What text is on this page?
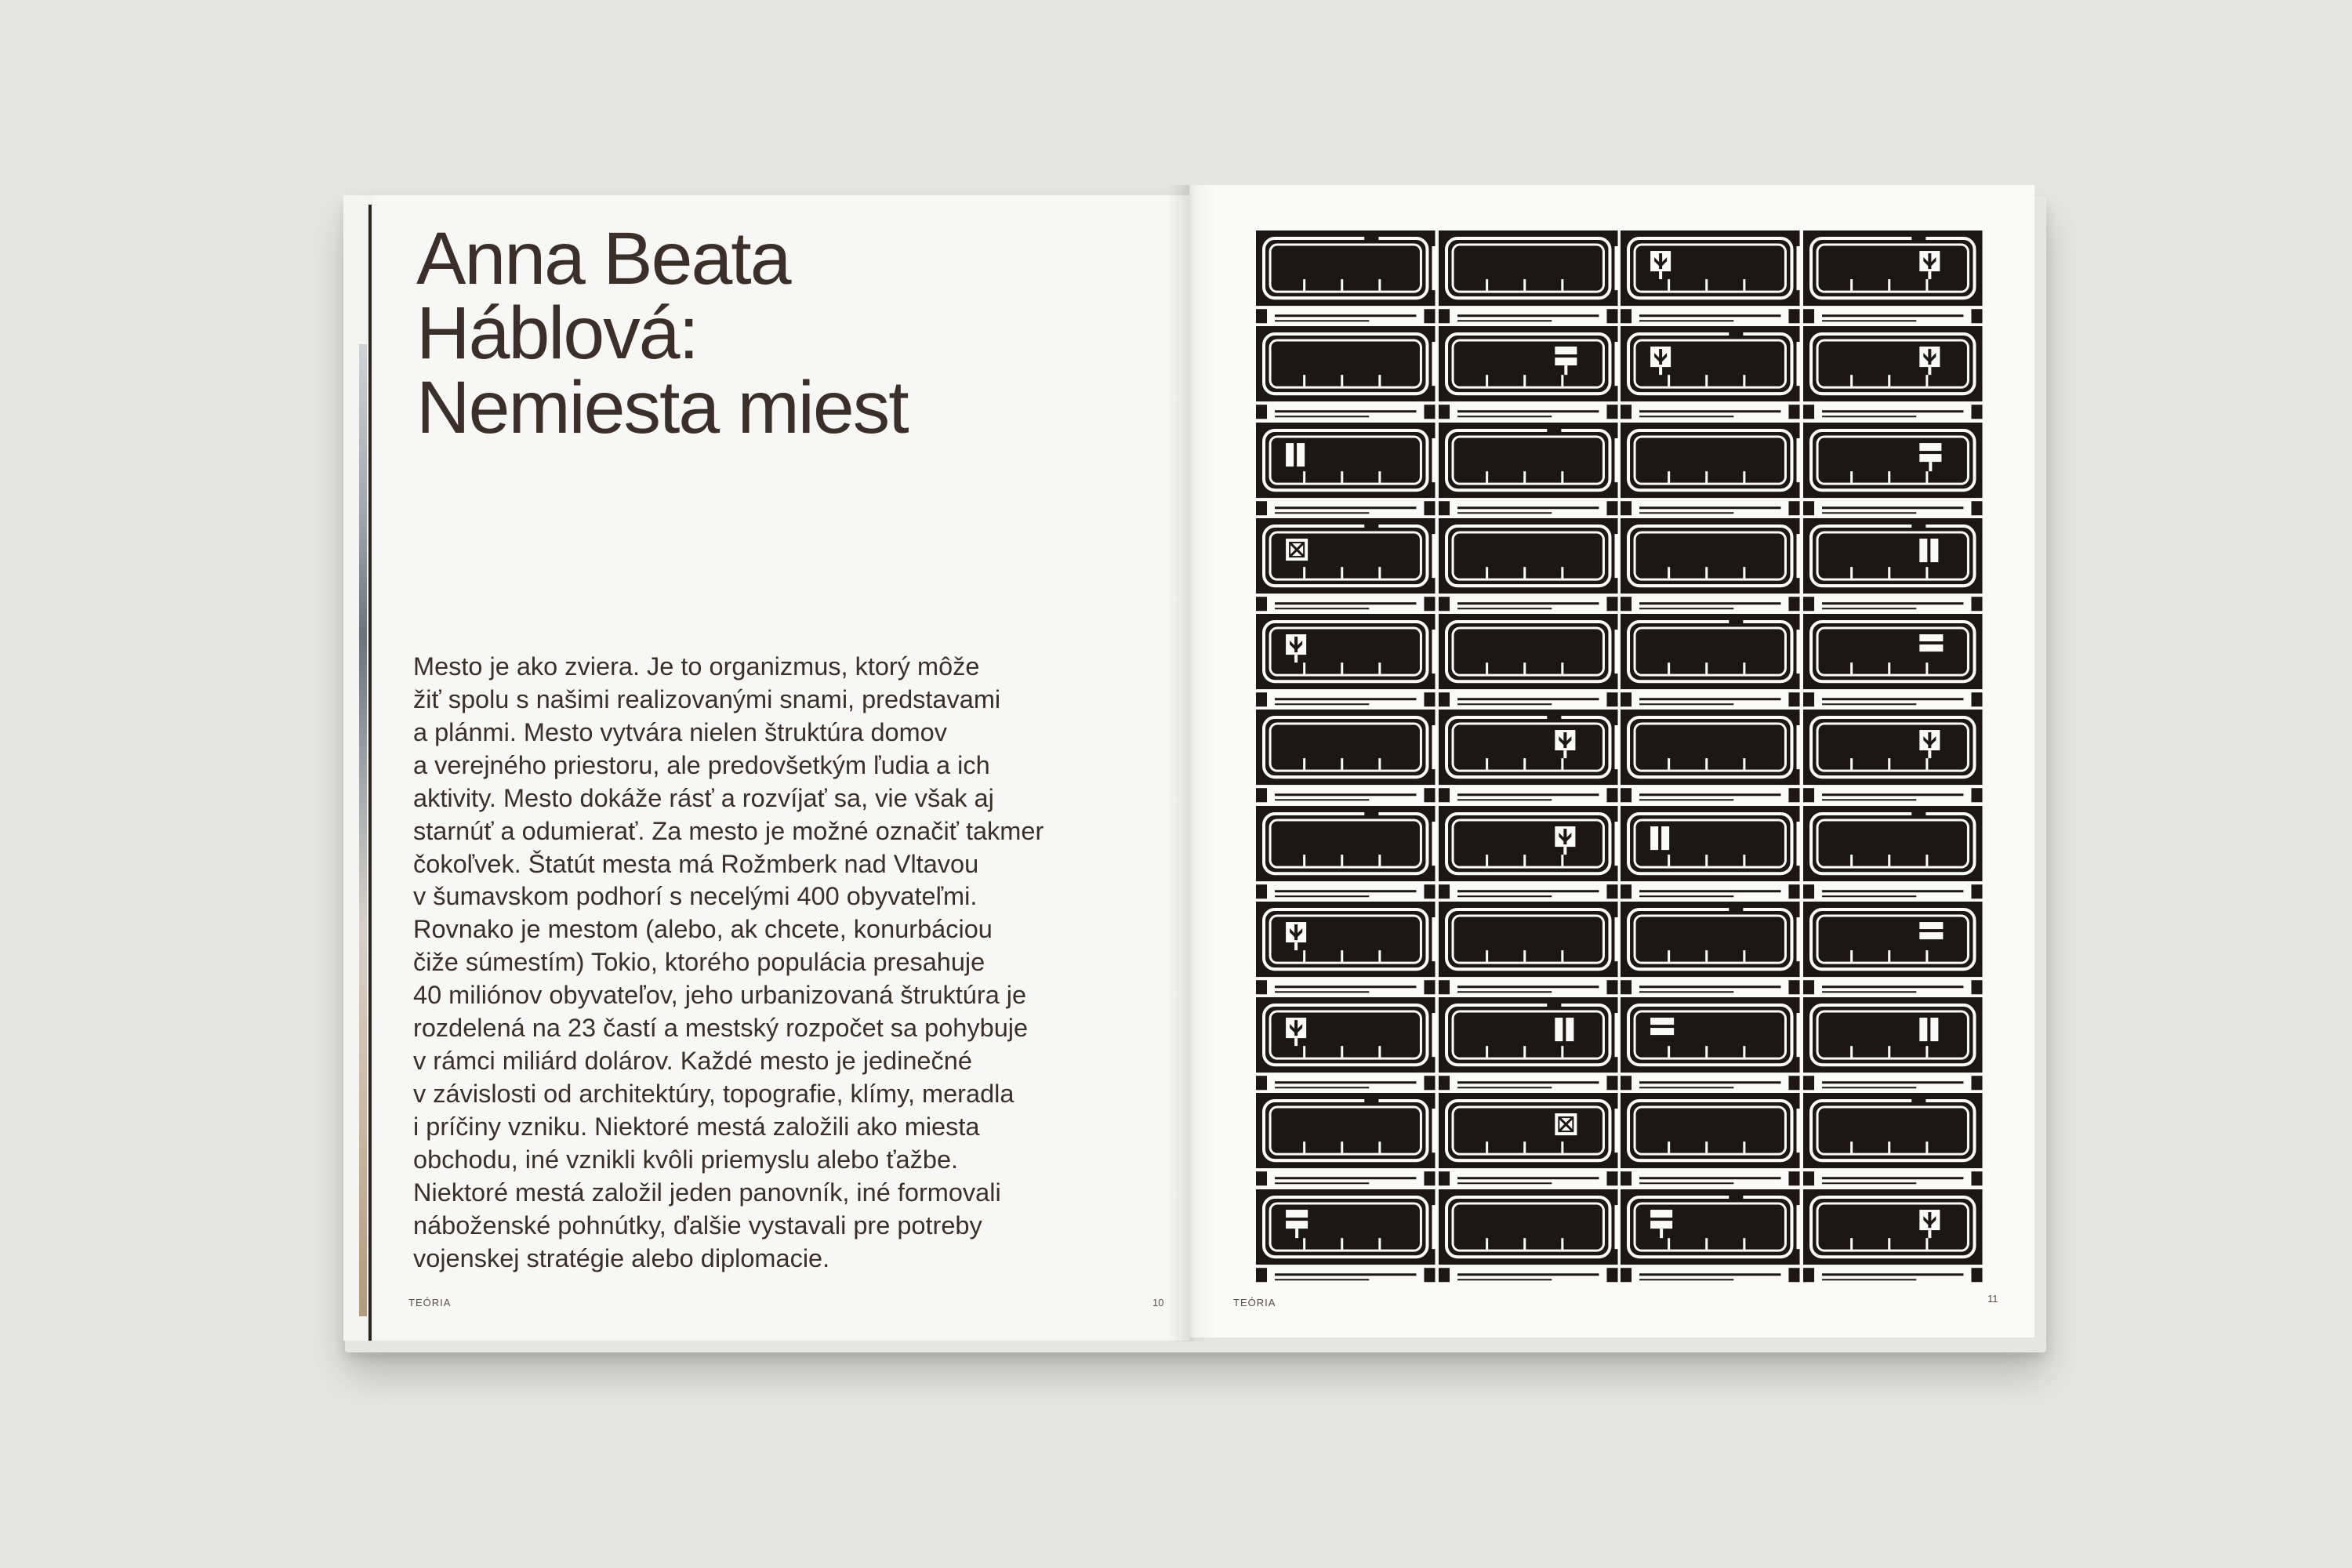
Anna Beata
Háblová:
Nemiesta miest

Mesto je ako zviera. Je to organizmus, ktorý môže
žiť spolu s našimi realizovanými snami, predstavami
a plánmi. Mesto vytvára nielen štruktúra domov
a verejného priestoru, ale predovšetkým ľudia a ich
aktivity. Mesto dokáže rásť a rozvíjať sa, vie však aj
starnúť a odumierať. Za mesto je možné označiť takmer
čokoľvek. Štatút mesta má Rožmberk nad Vltavou
v šumavskom podhorí s necelými 400 obyvateľmi.
Rovnako je mestom (alebo, ak chcete, konurbáciou
čiže súmestím) Tokio, ktorého populácia presahuje
40 miliónov obyvateľov, jeho urbanizovaná štruktúra je
rozdelená na 23 častí a mestský rozpočet sa pohybuje
v rámci miliárd dolárov. Každé mesto je jedinečné
v závislosti od architektúry, topografie, klímy, meradla
i príčiny vzniku. Niektoré mestá založili ako miesta
obchodu, iné vznikli kvôli priemyslu alebo ťažbe.
Niektoré mestá založil jeden panovník, iné formovali
náboženské pohnútky, ďalšie vystavali pre potreby
vojenskej stratégie alebo diplomacie.

TEÓRIA	10	TEÓRIA	11
